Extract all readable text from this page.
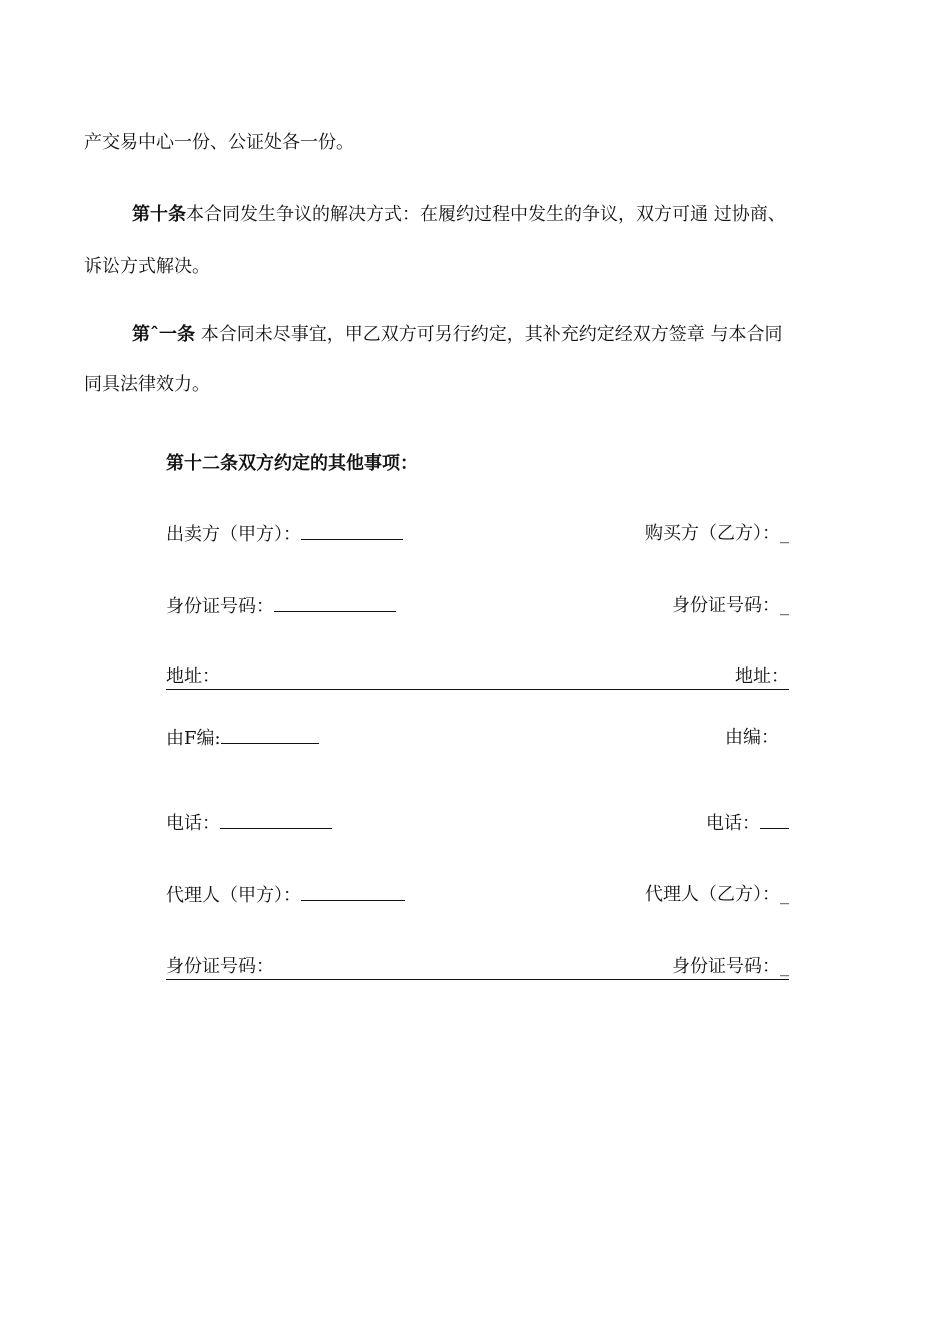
产交易中心一份、公证处各一份。
第十条本合同发生争议的解决方式：在履约过程中发生的争议，双方可通 过协商、
诉讼方式解决。
第ˆ一条 本合同未尽事宜，甲乙双方可另行约定，其补充约定经双方签章 与本合同
同具法律效力。
第十二条双方约定的其他事项：
出卖方（甲方）：	购买方（乙方）：_
身份证号码：	身份证号码：_
地址：	地址：
由F编:	由编：
电话：	电话：
代理人（甲方）：	代理人（乙方）：_
身份证号码：	身份证号码：_
